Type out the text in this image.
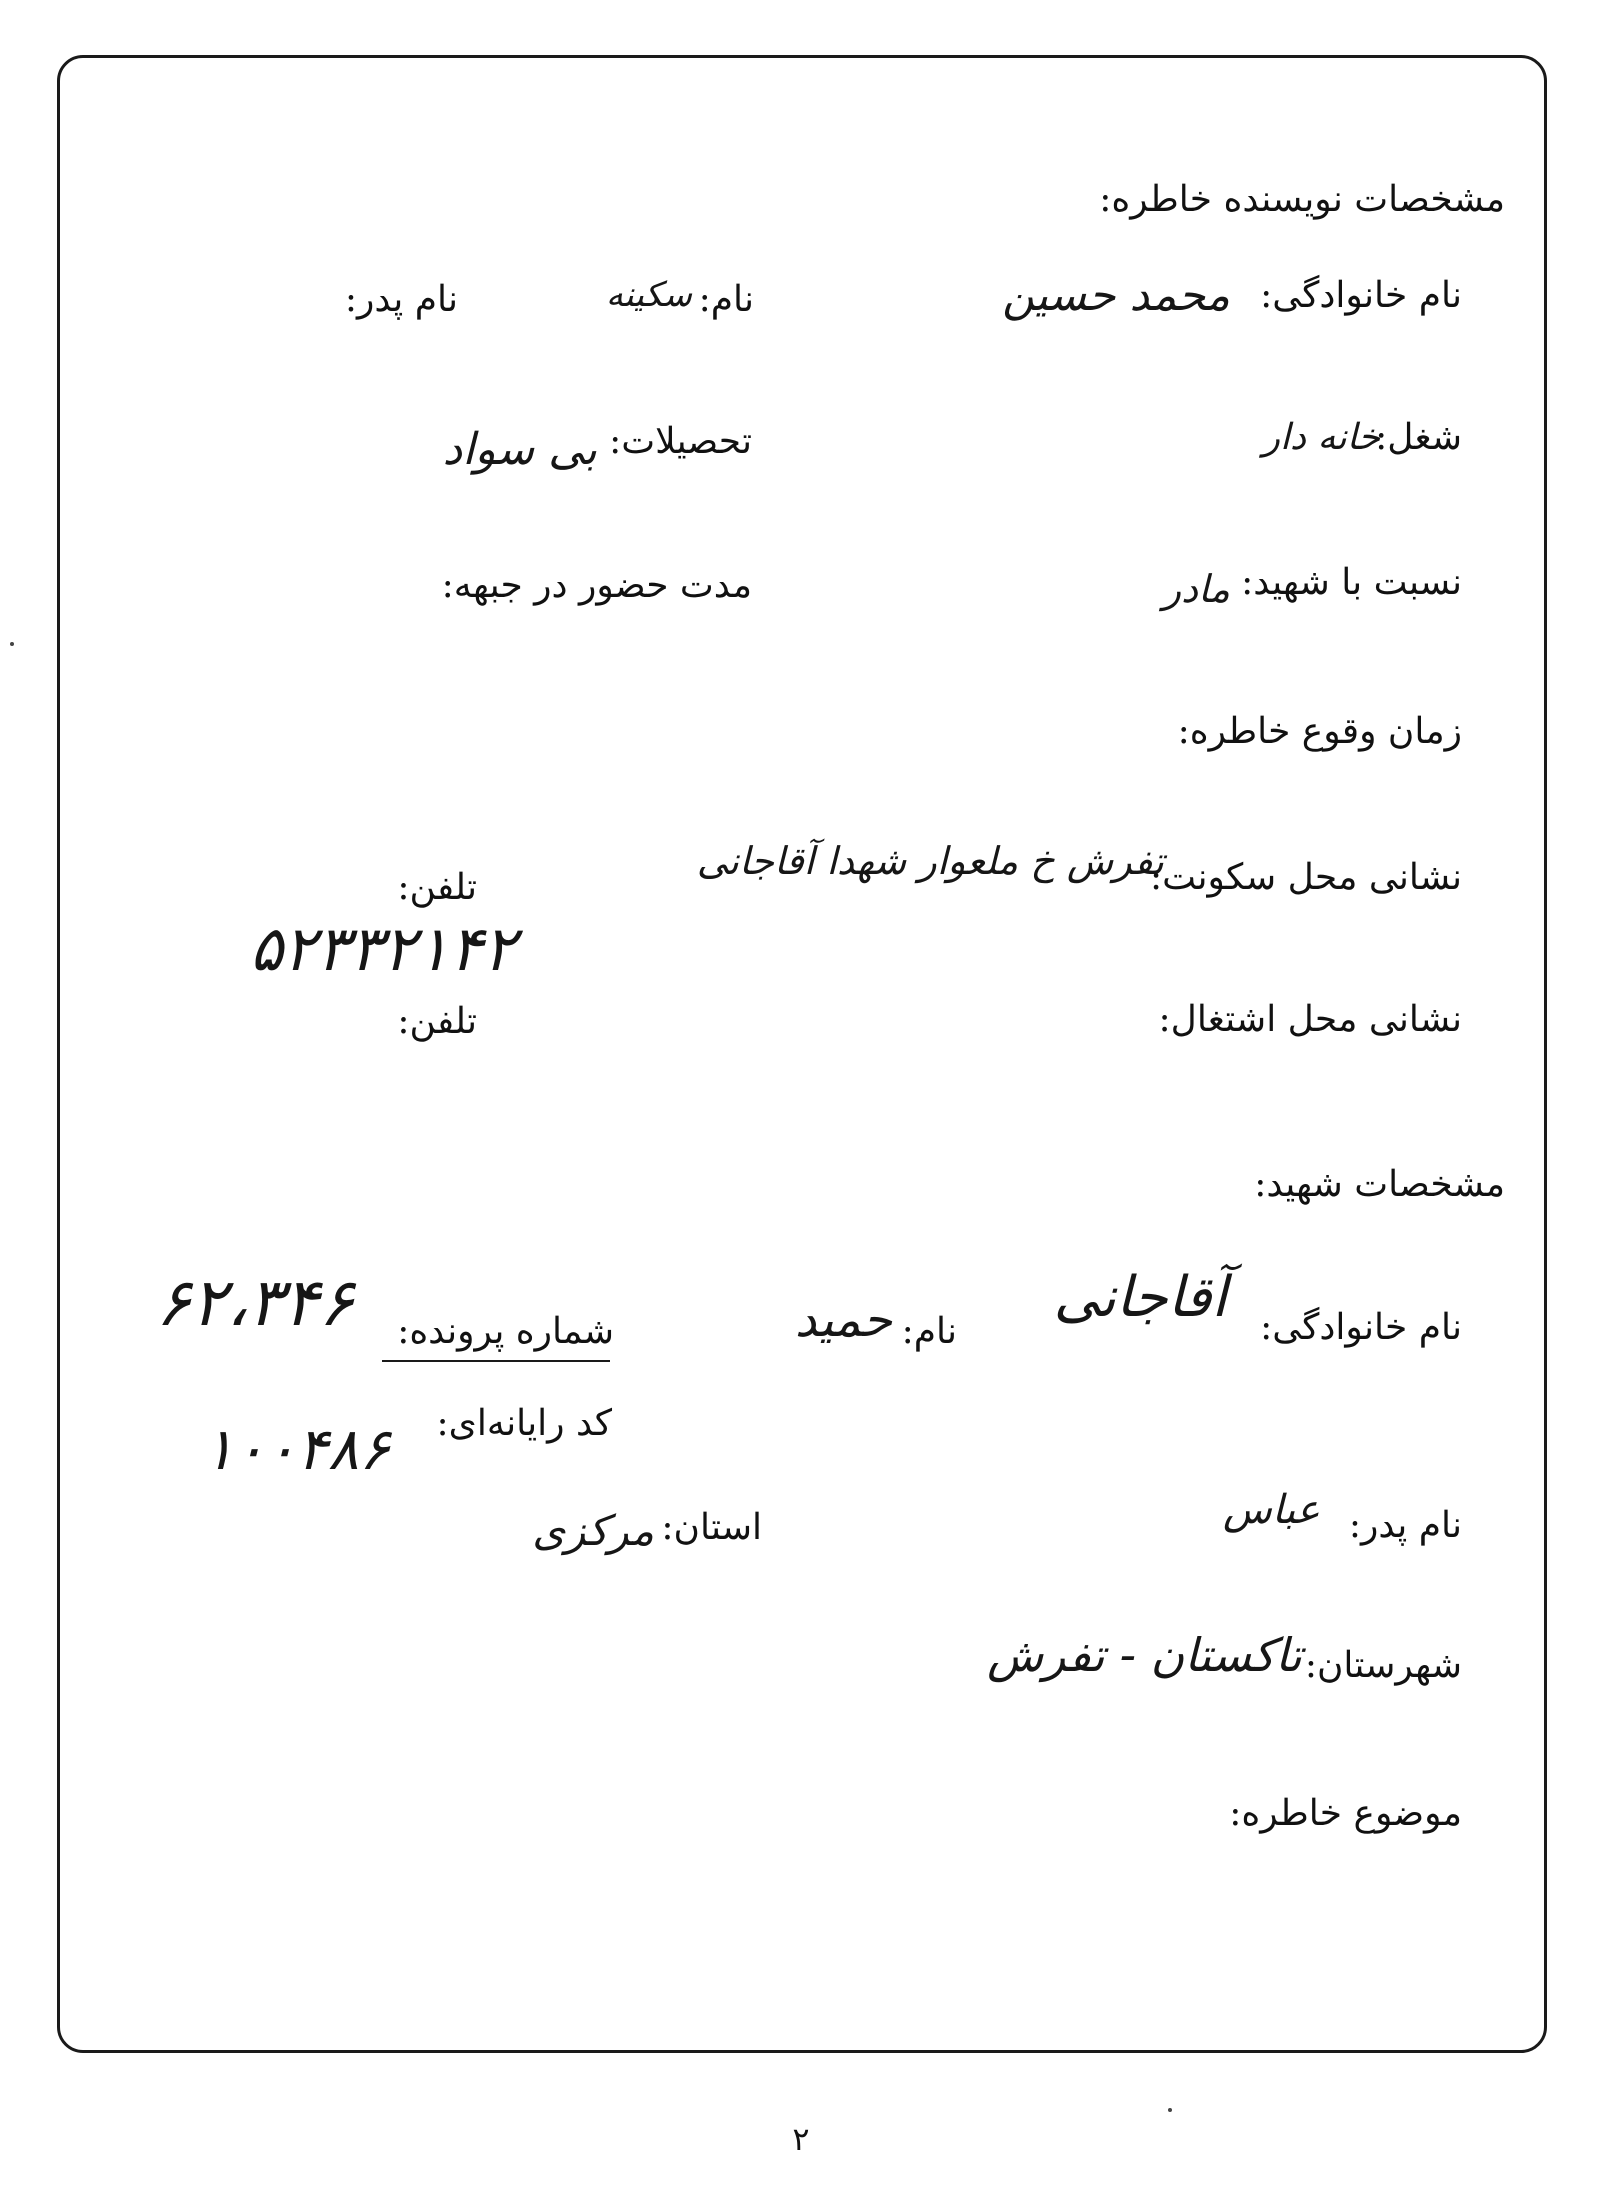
مشخصات نویسنده خاطره:
نام خانوادگی:
محمد حسین
نام:
سکینه
نام پدر:
شغل:
خانه دار
تحصیلات:
بی سواد
نسبت با شهید:
مادر
مدت حضور در جبهه:
زمان وقوع خاطره:
نشانی محل سکونت:
تفرش خ ملعوار شهدا آقاجانی
تلفن:
۵۲۳۳۲۱۴۲
نشانی محل اشتغال:
تلفن:
مشخصات شهید:
نام خانوادگی:
آقاجانی
نام:
حمید
شماره پرونده:
۶۲،۳۴۶
کد رایانه‌ای:
۱۰۰۴۸۶
نام پدر:
عباس
استان:
مرکزی
شهرستان:
تاکستان - تفرش
موضوع خاطره:
۲
